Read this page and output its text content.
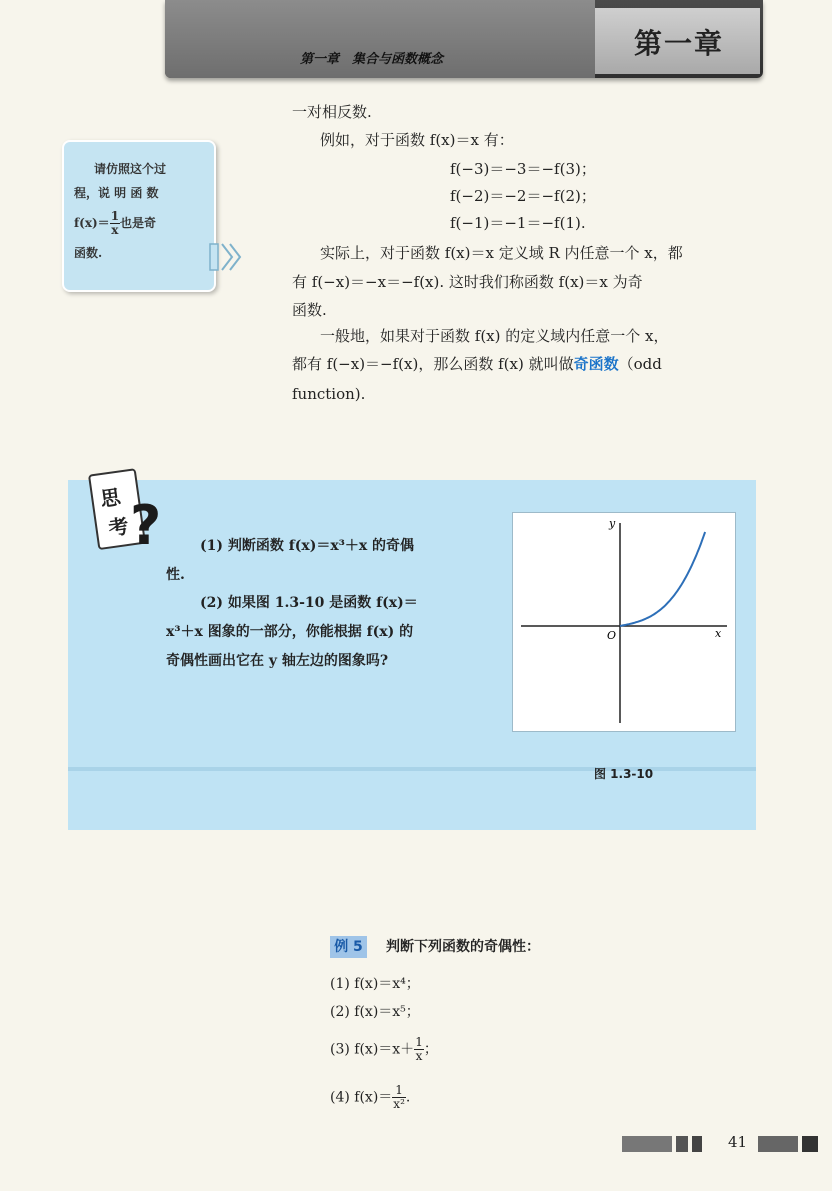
第一章　集合与函数概念	第一章
请仿照这个过
程，说 明 函 数
$f(x)= \frac{1}{x}$ 也是奇
函数.
一对相反数.
例如，对于函数 f(x)＝x 有：
f(−3)＝−3＝−f(3)；
f(−2)＝−2＝−f(2)；
f(−1)＝−1＝−f(1).
实际上，对于函数 f(x)＝x 定义域 R 内任意一个 x，都
有 f(−x)＝−x＝−f(x). 这时我们称函数 f(x)＝x 为奇
函数.
一般地，如果对于函数 f(x) 的定义域内任意一个 x，
都有 f(−x)＝−f(x)，那么函数 f(x) 就叫做奇函数（odd
function).
思
考 ?	(1) 判断函数 f(x)＝x³＋x 的奇偶
性.
(2) 如果图 1.3-10 是函数 f(x)＝
x³＋x 图象的一部分，你能根据 f(x) 的
奇偶性画出它在 y 轴左边的图象吗?
y
x
O
图 1.3-10
例 5 判断下列函数的奇偶性：
(1) f(x)＝x⁴；
(2) f(x)＝x⁵；
(3) $f(x)=x+ \frac{1}{x}$ ；
(4) $f(x)= \frac{1}{\text{x²}}$ .
41
